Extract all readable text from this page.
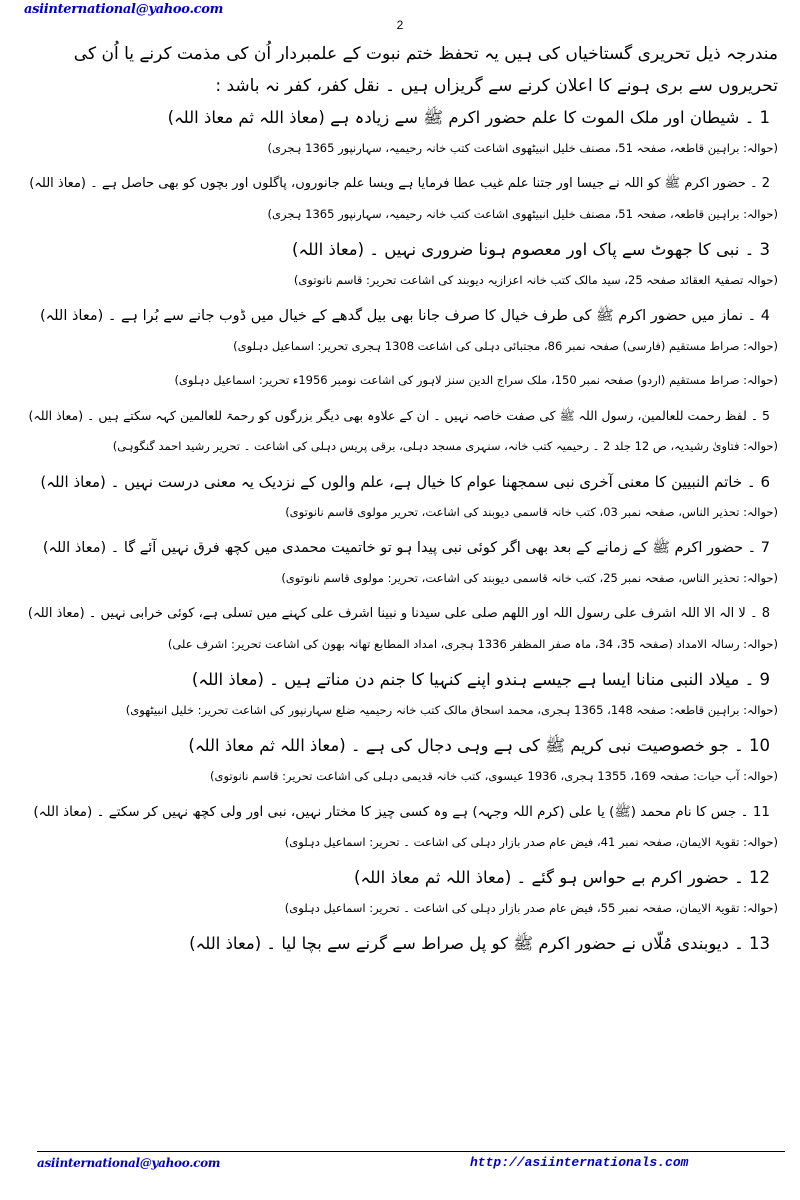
asiinternational@yahoo.com
2

مندرجہ ذیل تحریری گستاخیاں کی ہیں یہ تحفظ ختم نبوت کے علمبردار اُن کی مذمت کرنے یا اُن کی تحریروں سے بری ہونے کا اعلان کرنے سے گریزاں ہیں ۔ نقل کفر، کفر نہ باشد :

1 ۔ شیطان اور ملک الموت کا علم حضور اکرم ﷺ سے زیادہ ہے (معاذ اللہ ثم معاذ اللہ)

(حوالہ: براہین قاطعہ، صفحہ 51، مصنف خلیل انبیٹھوی اشاعت کتب خانہ رحیمیہ، سہارنپور 1365 ہجری)

2 ۔ حضور اکرم ﷺ کو اللہ نے جیسا اور جتنا علم غیب عطا فرمایا ہے ویسا علم جانوروں، پاگلوں اور بچوں کو بھی حاصل ہے ۔ (معاذ اللہ)

(حوالہ: براہین قاطعہ، صفحہ 51، مصنف خلیل انبیٹھوی اشاعت کتب خانہ رحیمیہ، سہارنپور 1365 ہجری)

3 ۔ نبی کا جھوٹ سے پاک اور معصوم ہونا ضروری نہیں ۔ (معاذ اللہ)

(حوالہ تصفیۃ العقائد صفحہ 25، سید مالک کتب خانہ اعزازیہ دیوبند کی اشاعت تحریر: قاسم نانوتوی)

4 ۔ نماز میں حضور اکرم ﷺ کی طرف خیال کا صرف جانا بھی بیل گدھے کے خیال میں ڈوب جانے سے بُرا ہے ۔ (معاذ اللہ)

(حوالہ: صراط مستقیم (فارسی) صفحہ نمبر 86، مجتبائی دہلی کی اشاعت 1308 ہجری تحریر: اسماعیل دہلوی)

(حوالہ: صراط مستقیم (اردو) صفحہ نمبر 150، ملک سراج الدین سنز لاہور کی اشاعت نومبر 1956ء تحریر: اسماعیل دہلوی)

5 ۔ لفظ رحمت للعالمین، رسول اللہ ﷺ کی صفت خاصہ نہیں ۔ ان کے علاوہ بھی دیگر بزرگوں کو رحمۃ للعالمین کہہ سکتے ہیں ۔ (معاذ اللہ)

(حوالہ: فتاویٰ رشیدیہ، ص 12 جلد 2 ۔ رحیمیہ کتب خانہ، سنہری مسجد دہلی، برقی پریس دہلی کی اشاعت ۔ تحریر رشید احمد گنگوہی)

6 ۔ خاتم النبیین کا معنی آخری نبی سمجھنا عوام کا خیال ہے، علم والوں کے نزدیک یہ معنی درست نہیں ۔ (معاذ اللہ)

(حوالہ: تحذیر الناس، صفحہ نمبر 03، کتب خانہ قاسمی دیوبند کی اشاعت، تحریر مولوی قاسم نانوتوی)

7 ۔ حضور اکرم ﷺ کے زمانے کے بعد بھی اگر کوئی نبی پیدا ہو تو خاتمیت محمدی میں کچھ فرق نہیں آئے گا ۔ (معاذ اللہ)

(حوالہ: تحذیر الناس، صفحہ نمبر 25، کتب خانہ قاسمی دیوبند کی اشاعت، تحریر: مولوی قاسم نانوتوی)

8 ۔ لا الہ الا اللہ اشرف علی رسول اللہ اور اللھم صلی علی سیدنا و نبینا اشرف علی کہنے میں تسلی ہے، کوئی خرابی نہیں ۔ (معاذ اللہ)

(حوالہ: رسالہ الامداد (صفحہ 35، 34، ماہ صفر المظفر 1336 ہجری، امداد المطابع تھانہ بھون کی اشاعت تحریر: اشرف علی)

9 ۔ میلاد النبی منانا ایسا ہے جیسے ہندو اپنے کنہیا کا جنم دن مناتے ہیں ۔ (معاذ اللہ)

(حوالہ: براہین قاطعہ: صفحہ 148، 1365 ہجری، محمد اسحاق مالک کتب خانہ رحیمیہ ضلع سہارنپور کی اشاعت تحریر: خلیل انبیٹھوی)

10 ۔ جو خصوصیت نبی کریم ﷺ کی ہے وہی دجال کی ہے ۔ (معاذ اللہ ثم معاذ اللہ)

(حوالہ: آب حیات: صفحہ 169، 1355 ہجری، 1936 عیسوی، کتب خانہ قدیمی دہلی کی اشاعت تحریر: قاسم نانوتوی)

11 ۔ جس کا نام محمد (ﷺ) یا علی (کرم اللہ وجہہ) ہے وہ کسی چیز کا مختار نہیں، نبی اور ولی کچھ نہیں کر سکتے ۔ (معاذ اللہ)

(حوالہ: تقویۃ الایمان، صفحہ نمبر 41، فیض عام صدر بازار دہلی کی اشاعت ۔ تحریر: اسماعیل دہلوی)

12 ۔ حضور اکرم بے حواس ہو گئے ۔ (معاذ اللہ ثم معاذ اللہ)

(حوالہ: تقویۃ الایمان، صفحہ نمبر 55، فیض عام صدر بازار دہلی کی اشاعت ۔ تحریر: اسماعیل دہلوی)

13 ۔ دیوبندی مُلّاں نے حضور اکرم ﷺ کو پل صراط سے گرنے سے بچا لیا ۔ (معاذ اللہ)

asiinternational@yahoo.com	http://asiinternationals.com
